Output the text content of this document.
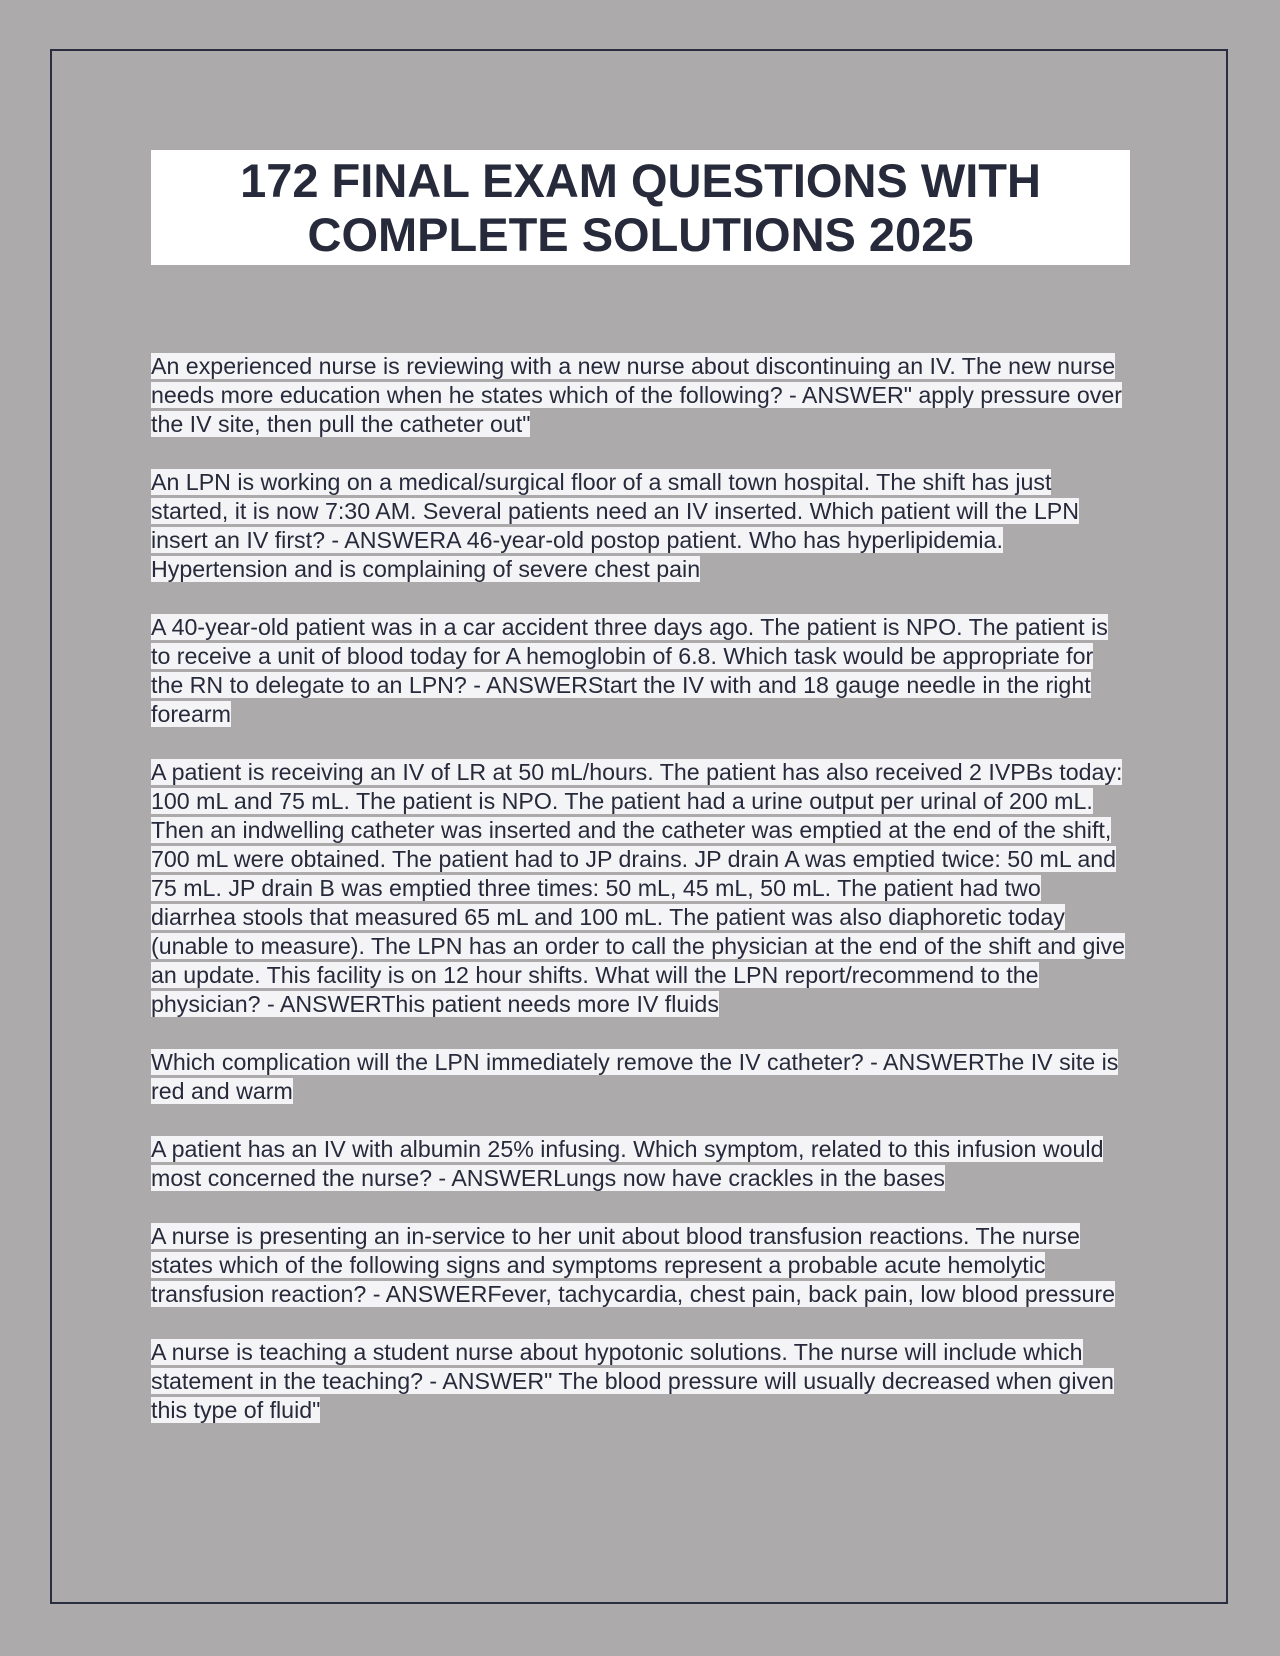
172 FINAL EXAM QUESTIONS WITH COMPLETE SOLUTIONS 2025

An experienced nurse is reviewing with a new nurse about discontinuing an IV. The new nurse needs more education when he states which of the following? - ANSWER" apply pressure over the IV site, then pull the catheter out"

An LPN is working on a medical/surgical floor of a small town hospital. The shift has just started, it is now 7:30 AM. Several patients need an IV inserted. Which patient will the LPN insert an IV first? - ANSWERA 46-year-old postop patient. Who has hyperlipidemia. Hypertension and is complaining of severe chest pain

A 40-year-old patient was in a car accident three days ago. The patient is NPO. The patient is to receive a unit of blood today for A hemoglobin of 6.8. Which task would be appropriate for the RN to delegate to an LPN? - ANSWERStart the IV with and 18 gauge needle in the right forearm

A patient is receiving an IV of LR at 50 mL/hours. The patient has also received 2 IVPBs today: 100 mL and 75 mL. The patient is NPO. The patient had a urine output per urinal of 200 mL. Then an indwelling catheter was inserted and the catheter was emptied at the end of the shift, 700 mL were obtained. The patient had to JP drains. JP drain A was emptied twice: 50 mL and 75 mL. JP drain B was emptied three times: 50 mL, 45 mL, 50 mL. The patient had two diarrhea stools that measured 65 mL and 100 mL. The patient was also diaphoretic today (unable to measure). The LPN has an order to call the physician at the end of the shift and give an update. This facility is on 12 hour shifts. What will the LPN report/recommend to the physician? - ANSWERThis patient needs more IV fluids

Which complication will the LPN immediately remove the IV catheter? - ANSWERThe IV site is red and warm

A patient has an IV with albumin 25% infusing. Which symptom, related to this infusion would most concerned the nurse? - ANSWERLungs now have crackles in the bases

A nurse is presenting an in-service to her unit about blood transfusion reactions. The nurse states which of the following signs and symptoms represent a probable acute hemolytic transfusion reaction? - ANSWERFever, tachycardia, chest pain, back pain, low blood pressure

A nurse is teaching a student nurse about hypotonic solutions. The nurse will include which statement in the teaching? - ANSWER" The blood pressure will usually decreased when given this type of fluid"
